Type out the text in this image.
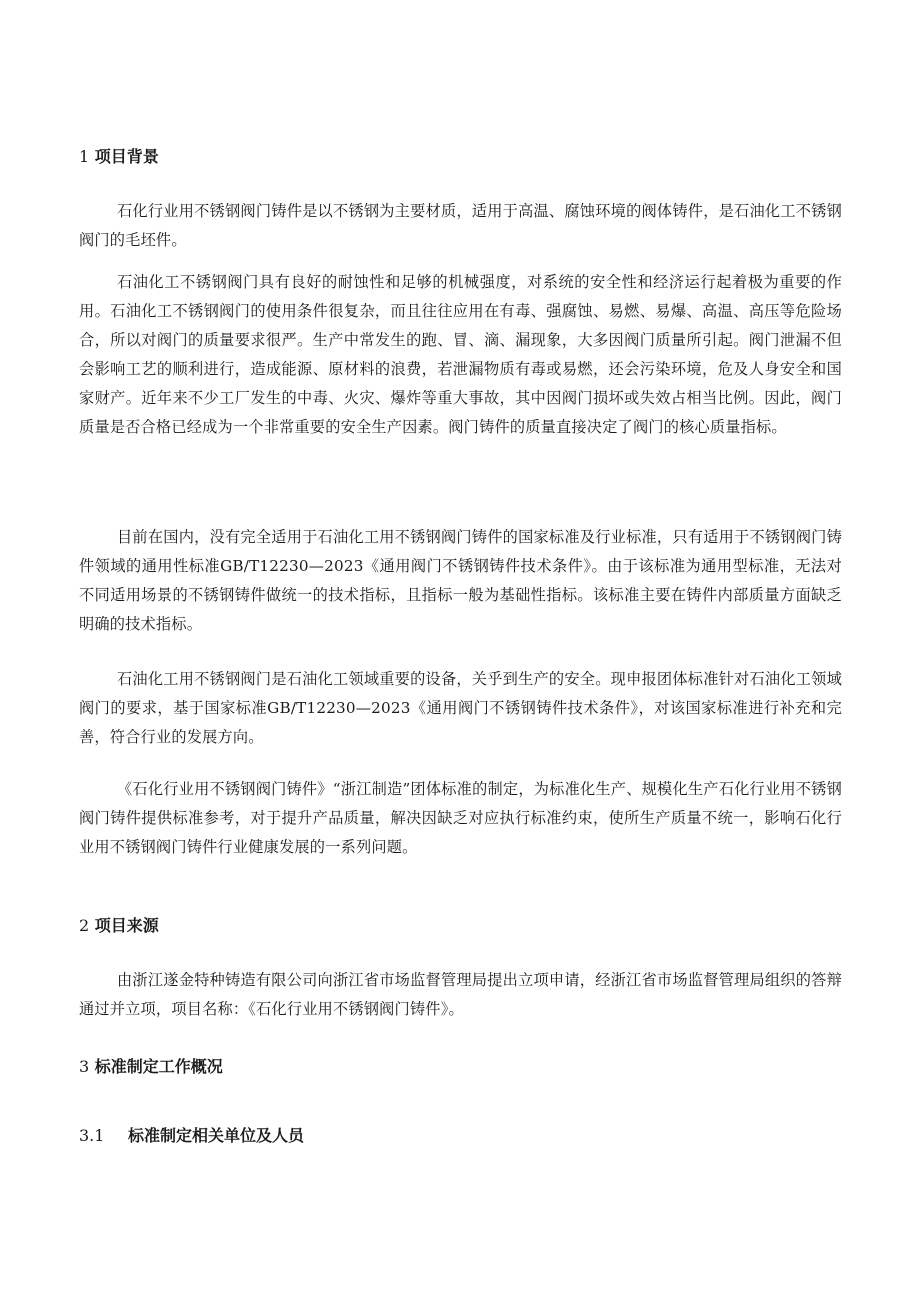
1 项目背景

石化行业用不锈钢阀门铸件是以不锈钢为主要材质，适用于高温、腐蚀环境的阀体铸件，是石油化工不锈钢阀门的毛坯件。

石油化工不锈钢阀门具有良好的耐蚀性和足够的机械强度，对系统的安全性和经济运行起着极为重要的作用。石油化工不锈钢阀门的使用条件很复杂，而且往往应用在有毒、强腐蚀、易燃、易爆、高温、高压等危险场合，所以对阀门的质量要求很严。生产中常发生的跑、冒、滴、漏现象，大多因阀门质量所引起。阀门泄漏不但会影响工艺的顺利进行，造成能源、原材料的浪费，若泄漏物质有毒或易燃，还会污染环境，危及人身安全和国家财产。近年来不少工厂发生的中毒、火灾、爆炸等重大事故，其中因阀门损坏或失效占相当比例。因此，阀门质量是否合格已经成为一个非常重要的安全生产因素。阀门铸件的质量直接决定了阀门的核心质量指标。

目前在国内，没有完全适用于石油化工用不锈钢阀门铸件的国家标准及行业标准，只有适用于不锈钢阀门铸件领域的通用性标准GB/T12230—2023《通用阀门不锈钢铸件技术条件》。由于该标准为通用型标准，无法对不同适用场景的不锈钢铸件做统一的技术指标，且指标一般为基础性指标。该标准主要在铸件内部质量方面缺乏明确的技术指标。

石油化工用不锈钢阀门是石油化工领域重要的设备，关乎到生产的安全。现申报团体标准针对石油化工领域阀门的要求，基于国家标准GB/T12230—2023《通用阀门不锈钢铸件技术条件》，对该国家标准进行补充和完善，符合行业的发展方向。

《石化行业用不锈钢阀门铸件》“浙江制造”团体标准的制定，为标准化生产、规模化生产石化行业用不锈钢阀门铸件提供标准参考，对于提升产品质量，解决因缺乏对应执行标准约束，使所生产质量不统一，影响石化行业用不锈钢阀门铸件行业健康发展的一系列问题。

2 项目来源

由浙江遂金特种铸造有限公司向浙江省市场监督管理局提出立项申请，经浙江省市场监督管理局组织的答辩通过并立项，项目名称：《石化行业用不锈钢阀门铸件》。

3 标准制定工作概况
3.1 标准制定相关单位及人员
